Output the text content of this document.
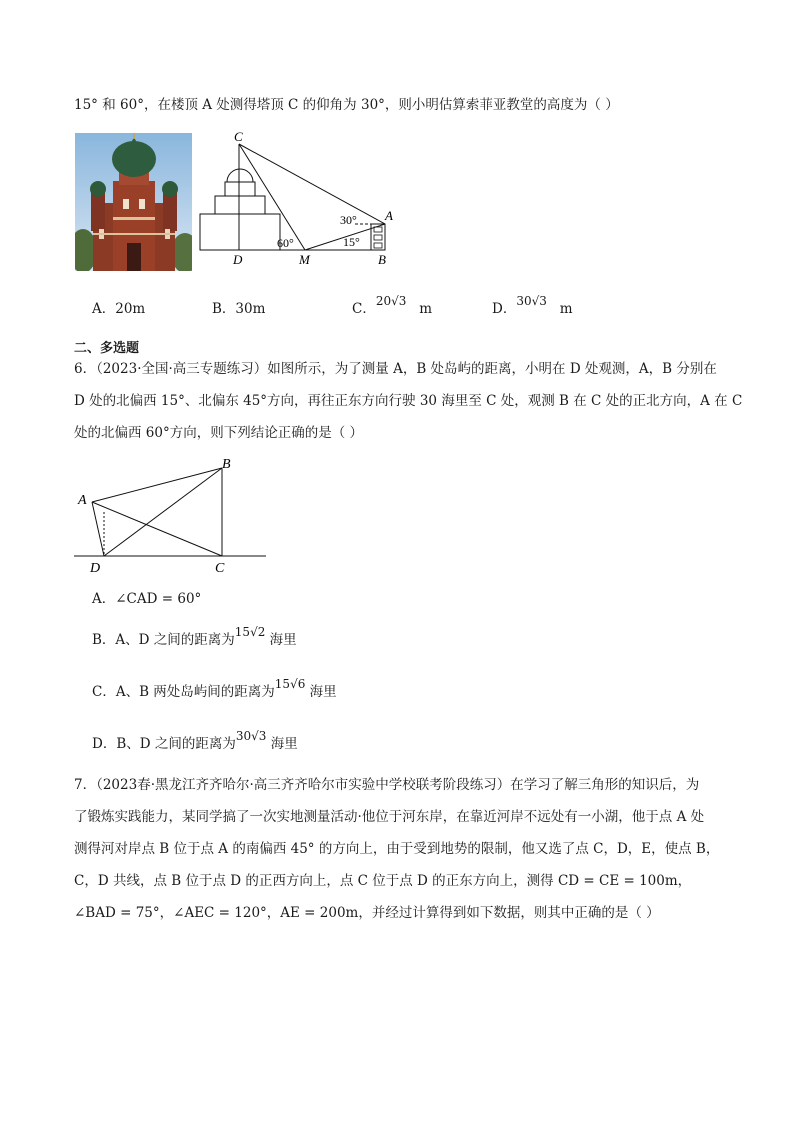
15° 和 60°，在楼顶 A 处测得塔顶 C 的仰角为 30°，则小明估算索菲亚教堂的高度为（ ）
C
A
D	M	B
30°
60°	15°
A．20m	B．30m	C．20√3 m	D．30√3 m
二、多选题
6．（2023·全国·高三专题练习）如图所示，为了测量 A，B 处岛屿的距离，小明在 D 处观测，A，B 分别在
D 处的北偏西 15°、北偏东 45°方向，再往正东方向行驶 30 海里至 C 处，观测 B 在 C 处的正北方向，A 在 C
处的北偏西 60°方向，则下列结论正确的是（ ）
A
B
D	C
A．∠CAD = 60°
B．A、D 之间的距离为15√2 海里
C．A、B 两处岛屿间的距离为15√6 海里
D．B、D 之间的距离为30√3 海里
7．（2023春·黑龙江齐齐哈尔·高三齐齐哈尔市实验中学校联考阶段练习）在学习了解三角形的知识后，为
了锻炼实践能力，某同学搞了一次实地测量活动·他位于河东岸，在靠近河岸不远处有一小湖，他于点 A 处
测得河对岸点 B 位于点 A 的南偏西 45° 的方向上，由于受到地势的限制，他又选了点 C，D，E，使点 B，
C，D 共线，点 B 位于点 D 的正西方向上，点 C 位于点 D 的正东方向上，测得 CD = CE = 100m，
∠BAD = 75°，∠AEC = 120°，AE = 200m，并经过计算得到如下数据，则其中正确的是（ ）
